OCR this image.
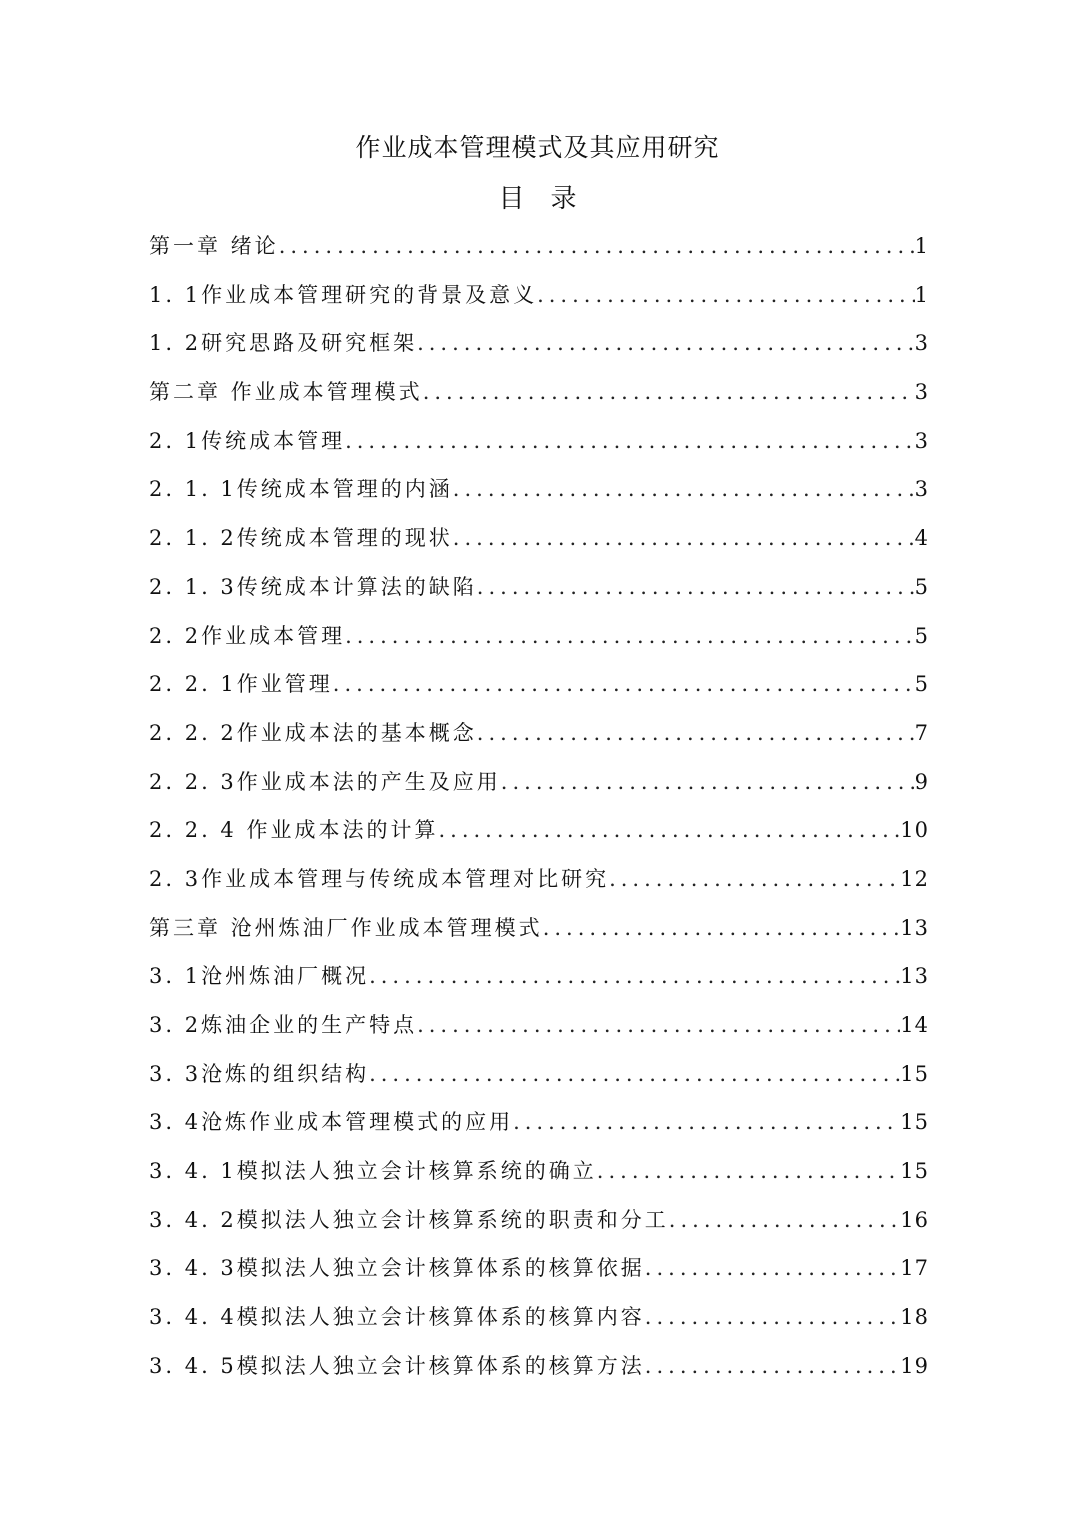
作业成本管理模式及其应用研究
目录
第一章 绪论 .....	1
1. 1作业成本管理研究的背景及意义 .....	1
1. 2研究思路及研究框架 .....	3
第二章 作业成本管理模式 .....	3
2. 1传统成本管理 .....	3
2. 1. 1传统成本管理的内涵 .....	3
2. 1. 2传统成本管理的现状 .....	4
2. 1. 3传统成本计算法的缺陷 .....	5
2. 2作业成本管理 .....	5
2. 2. 1作业管理 .....	5
2. 2. 2作业成本法的基本概念 .....	7
2. 2. 3作业成本法的产生及应用 .....	9
2. 2. 4 作业成本法的计算 .....	10
2. 3作业成本管理与传统成本管理对比研究 .....	12
第三章 沧州炼油厂作业成本管理模式 .....	13
3. 1沧州炼油厂概况 .....	13
3. 2炼油企业的生产特点 .....	14
3. 3沧炼的组织结构 .....	15
3. 4沧炼作业成本管理模式的应用 .....	15
3. 4. 1模拟法人独立会计核算系统的确立 .....	15
3. 4. 2模拟法人独立会计核算系统的职责和分工 .....	16
3. 4. 3模拟法人独立会计核算体系的核算依据 .....	17
3. 4. 4模拟法人独立会计核算体系的核算内容 .....	18
3. 4. 5模拟法人独立会计核算体系的核算方法 .....	19
